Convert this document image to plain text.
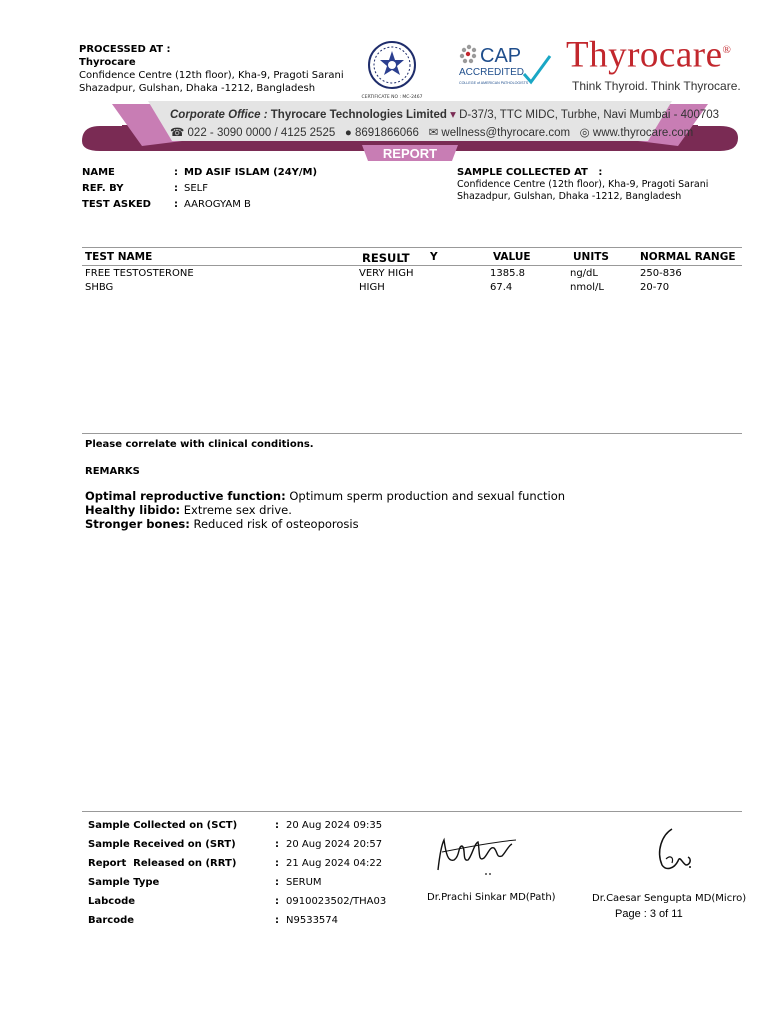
PROCESSED AT :
Thyrocare
Confidence Centre (12th floor), Kha-9, Pragoti Sarani
Shazadpur, Gulshan, Dhaka -1212, Bangladesh
CERTIFICATE NO : MC-2467
CAP
ACCREDITED
COLLEGE of AMERICAN PATHOLOGISTS
Thyrocare®
Think Thyroid. Think Thyrocare.
Corporate Office : Thyrocare Technologies Limited ▾ D-37/3, TTC MIDC, Turbhe, Navi Mumbai - 400703
☎ 022 - 3090 0000 / 4125 2525 ● 8691866066 ✉ wellness@thyrocare.com ◎ www.thyrocare.com
REPORT
NAME	: MD ASIF ISLAM (24Y/M)
REF. BY	: SELF
TEST ASKED	: AAROGYAM B
SAMPLE COLLECTED AT :
Confidence Centre (12th floor), Kha-9, Pragoti Sarani
Shazadpur, Gulshan, Dhaka -1212, Bangladesh
TEST NAME	RESULT Y	VALUE	UNITS	NORMAL RANGE
FREE TESTOSTERONE	VERY HIGH	1385.8	ng/dL	250-836
SHBG	HIGH	67.4	nmol/L	20-70
Please correlate with clinical conditions.
REMARKS
Optimal reproductive function: Optimum sperm production and sexual function
Healthy libido: Extreme sex drive.
Stronger bones: Reduced risk of osteoporosis
Sample Collected on (SCT)	: 20 Aug 2024 09:35
Sample Received on (SRT)	: 20 Aug 2024 20:57
Report  Released on (RRT)	: 21 Aug 2024 04:22
Sample Type	: SERUM
Labcode	: 0910023502/THA03
Barcode	: N9533574
Dr.Prachi Sinkar MD(Path)	Dr.Caesar Sengupta MD(Micro)
Page : 3 of 11
